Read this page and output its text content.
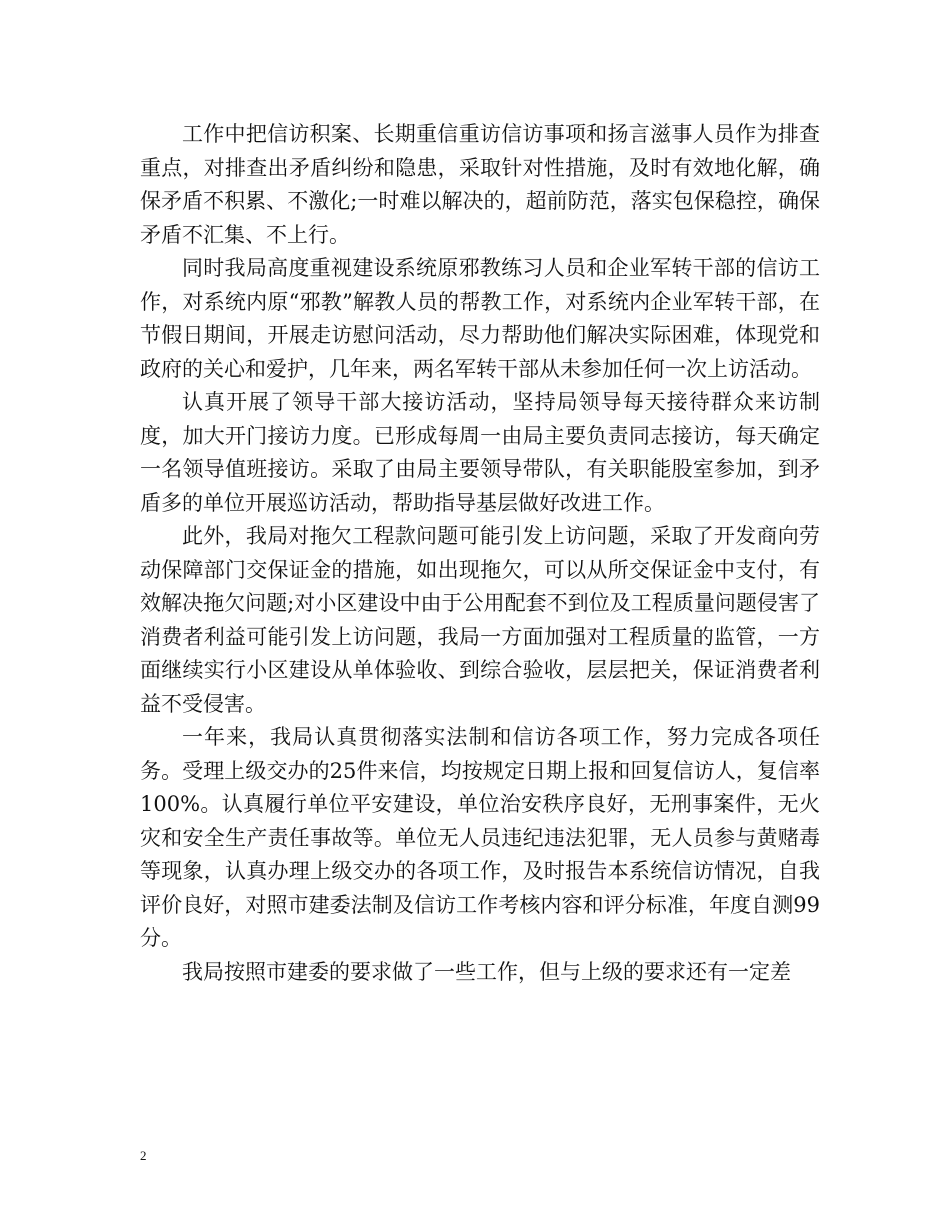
工作中把信访积案、长期重信重访信访事项和扬言滋事人员作为排查重点，对排查出矛盾纠纷和隐患，采取针对性措施，及时有效地化解，确保矛盾不积累、不激化;一时难以解决的，超前防范，落实包保稳控，确保矛盾不汇集、不上行。

同时我局高度重视建设系统原邪教练习人员和企业军转干部的信访工作，对系统内原“邪教”解教人员的帮教工作，对系统内企业军转干部，在节假日期间，开展走访慰问活动，尽力帮助他们解决实际困难，体现党和政府的关心和爱护，几年来，两名军转干部从未参加任何一次上访活动。

认真开展了领导干部大接访活动，坚持局领导每天接待群众来访制度，加大开门接访力度。已形成每周一由局主要负责同志接访，每天确定一名领导值班接访。采取了由局主要领导带队，有关职能股室参加，到矛盾多的单位开展巡访活动，帮助指导基层做好改进工作。

此外，我局对拖欠工程款问题可能引发上访问题，采取了开发商向劳动保障部门交保证金的措施，如出现拖欠，可以从所交保证金中支付，有效解决拖欠问题;对小区建设中由于公用配套不到位及工程质量问题侵害了消费者利益可能引发上访问题，我局一方面加强对工程质量的监管，一方面继续实行小区建设从单体验收、到综合验收，层层把关，保证消费者利益不受侵害。

一年来，我局认真贯彻落实法制和信访各项工作，努力完成各项任务。受理上级交办的25件来信，均按规定日期上报和回复信访人，复信率100%。认真履行单位平安建设，单位治安秩序良好，无刑事案件，无火灾和安全生产责任事故等。单位无人员违纪违法犯罪，无人员参与黄赌毒等现象，认真办理上级交办的各项工作，及时报告本系统信访情况，自我评价良好，对照市建委法制及信访工作考核内容和评分标准，年度自测99分。

我局按照市建委的要求做了一些工作，但与上级的要求还有一定差

2
